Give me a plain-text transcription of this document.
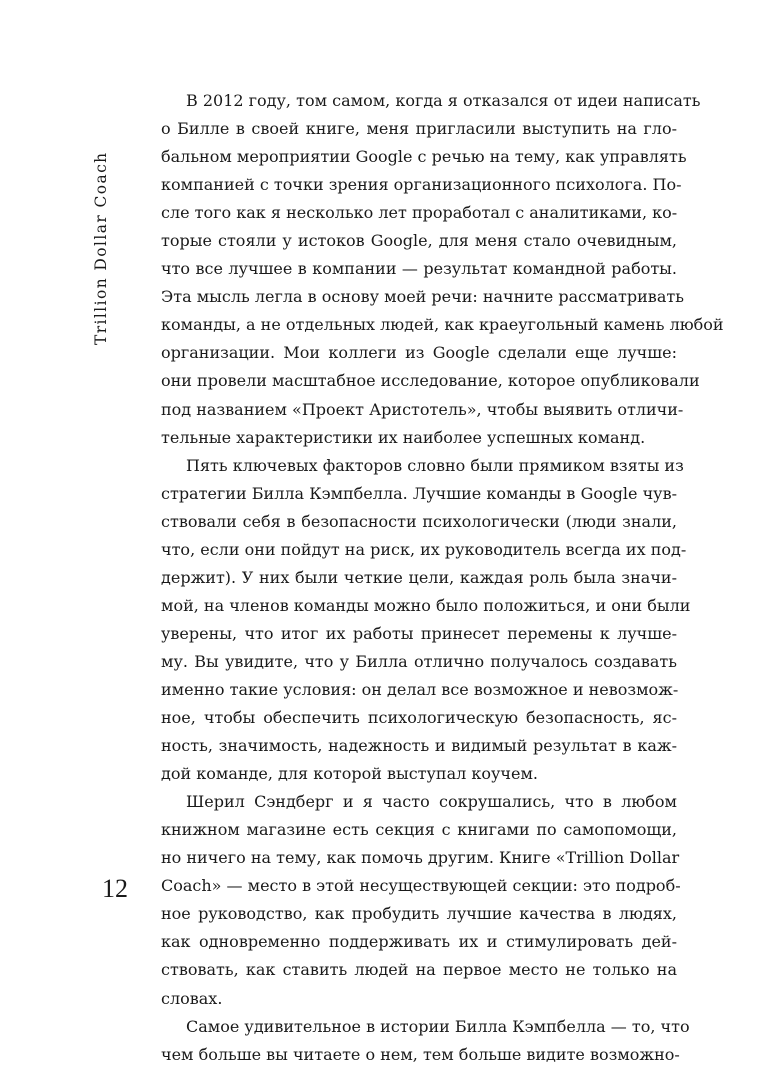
Trillion Dollar Coach
12
В 2012 году, том самом, когда я отказался от идеи написать
о Билле в своей книге, меня пригласили выступить на гло-
бальном мероприятии Google с речью на тему, как управлять
компанией с точки зрения организационного психолога. По-
сле того как я несколько лет проработал с аналитиками, ко-
торые стояли у истоков Google, для меня стало очевидным,
что все лучшее в компании — результат командной работы.
Эта мысль легла в основу моей речи: начните рассматривать
команды, а не отдельных людей, как краеугольный камень любой
организации. Мои коллеги из Google сделали еще лучше:
они провели масштабное исследование, которое опубликовали
под названием «Проект Аристотель», чтобы выявить отличи-
тельные характеристики их наиболее успешных команд.
Пять ключевых факторов словно были прямиком взяты из
стратегии Билла Кэмпбелла. Лучшие команды в Google чув-
ствовали себя в безопасности психологически (люди знали,
что, если они пойдут на риск, их руководитель всегда их под-
держит). У них были четкие цели, каждая роль была значи-
мой, на членов команды можно было положиться, и они были
уверены, что итог их работы принесет перемены к лучше-
му. Вы увидите, что у Билла отлично получалось создавать
именно такие условия: он делал все возможное и невозмож-
ное, чтобы обеспечить психологическую безопасность, яс-
ность, значимость, надежность и видимый результат в каж-
дой команде, для которой выступал коучем.
Шерил Сэндберг и я часто сокрушались, что в любом
книжном магазине есть секция с книгами по самопомощи,
но ничего на тему, как помочь другим. Книге «Trillion Dollar
Coach» — место в этой несуществующей секции: это подроб-
ное руководство, как пробудить лучшие качества в людях,
как одновременно поддерживать их и стимулировать дей-
ствовать, как ставить людей на первое место не только на
словах.
Самое удивительное в истории Билла Кэмпбелла — то, что
чем больше вы читаете о нем, тем больше видите возможно-
